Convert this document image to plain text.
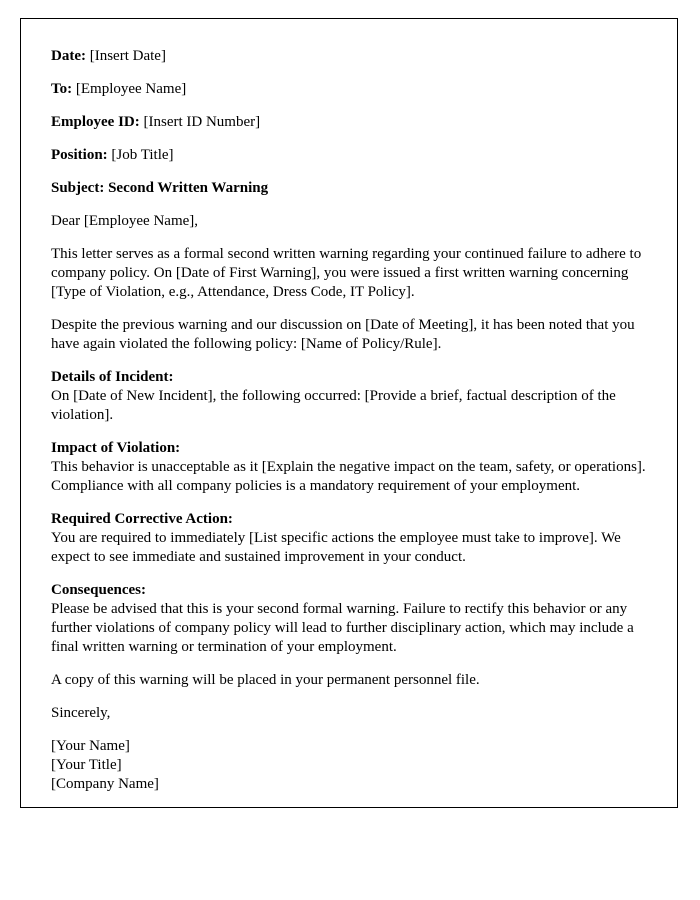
Date: [Insert Date]
To: [Employee Name]
Employee ID: [Insert ID Number]
Position: [Job Title]
Subject: Second Written Warning
Dear [Employee Name],
This letter serves as a formal second written warning regarding your continued failure to adhere to company policy. On [Date of First Warning], you were issued a first written warning concerning [Type of Violation, e.g., Attendance, Dress Code, IT Policy].
Despite the previous warning and our discussion on [Date of Meeting], it has been noted that you have again violated the following policy: [Name of Policy/Rule].
Details of Incident:
On [Date of New Incident], the following occurred: [Provide a brief, factual description of the violation].
Impact of Violation:
This behavior is unacceptable as it [Explain the negative impact on the team, safety, or operations]. Compliance with all company policies is a mandatory requirement of your employment.
Required Corrective Action:
You are required to immediately [List specific actions the employee must take to improve]. We expect to see immediate and sustained improvement in your conduct.
Consequences:
Please be advised that this is your second formal warning. Failure to rectify this behavior or any further violations of company policy will lead to further disciplinary action, which may include a final written warning or termination of your employment.
A copy of this warning will be placed in your permanent personnel file.
Sincerely,
[Your Name]
[Your Title]
[Company Name]
